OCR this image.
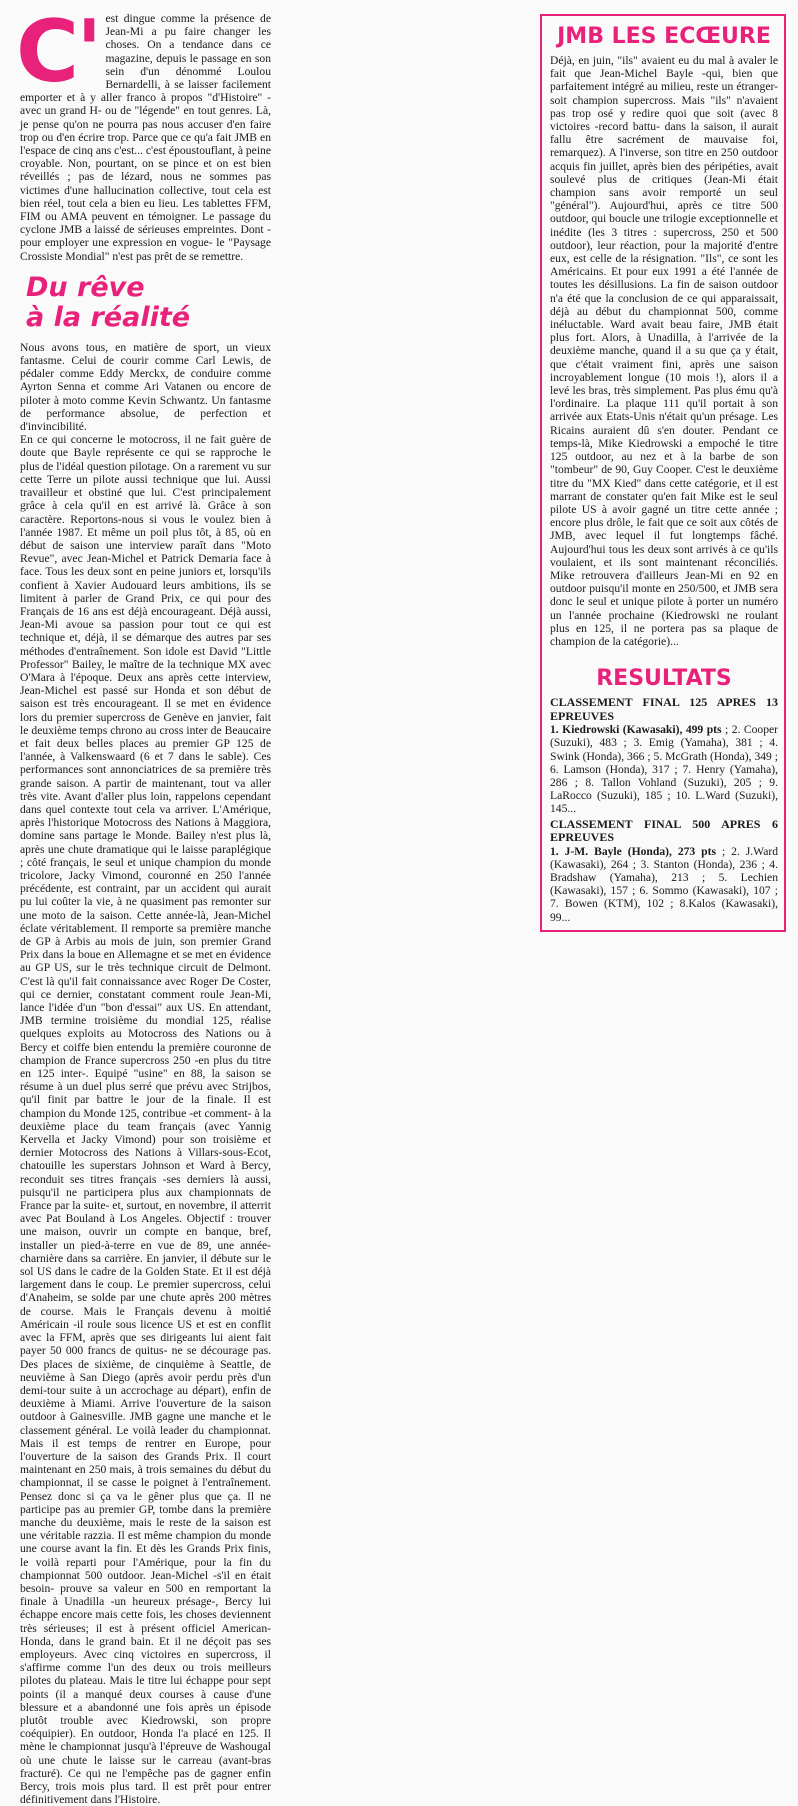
C' est dingue comme la présence de Jean-Mi a pu faire changer les choses. On a tendance dans ce magazine, depuis le passage en son sein d'un dénommé Loulou Bernardelli, à se laisser facilement emporter et à y aller franco à propos "d'Histoire" -avec un grand H- ou de "légende" en tout genres. Là, je pense qu'on ne pourra pas nous accuser d'en faire trop ou d'en écrire trop. Parce que ce qu'a fait JMB en l'espace de cinq ans c'est... c'est époustouflant, à peine croyable. Non, pourtant, on se pince et on est bien réveillés ; pas de lézard, nous ne sommes pas victimes d'une hallucination collective, tout cela est bien réel, tout cela a bien eu lieu. Les tablettes FFM, FIM ou AMA peuvent en témoigner. Le passage du cyclone JMB a laissé de sérieuses empreintes. Dont -pour employer une expression en vogue- le "Paysage Crossiste Mondial" n'est pas prêt de se remettre.

Du rêve
à la réalité

Nous avons tous, en matière de sport, un vieux fantasme. Celui de courir comme Carl Lewis, de pédaler comme Eddy Merckx, de conduire comme Ayrton Senna et comme Ari Vatanen ou encore de piloter à moto comme Kevin Schwantz. Un fantasme de performance absolue, de perfection et d'invincibilité.

En ce qui concerne le motocross, il ne fait guère de doute que Bayle représente ce qui se rapproche le plus de l'idéal question pilotage. On a rarement vu sur cette Terre un pilote aussi technique que lui. Aussi travailleur et obstiné que lui. C'est principalement grâce à cela qu'il en est arrivé là. Grâce à son caractère. Reportons-nous si vous le voulez bien à l'année 1987. Et même un poil plus tôt, à 85, où en début de saison une interview paraît dans "Moto Revue", avec Jean-Michel et Patrick Demaria face à face. Tous les deux sont en peine juniors et, lorsqu'ils confient à Xavier Audouard leurs ambitions, ils se limitent à parler de Grand Prix, ce qui pour des Français de 16 ans est déjà encourageant. Déjà aussi, Jean-Mi avoue sa passion pour tout ce qui est technique et, déjà, il se démarque des autres par ses méthodes d'entraînement. Son idole est David "Little Professor" Bailey, le maître de la technique MX avec O'Mara à l'époque. Deux ans après cette interview, Jean-Michel est passé sur Honda et son début de saison est très encourageant. Il se met en évidence lors du premier supercross de Genève en janvier, fait le deuxième temps chrono au cross inter de Beaucaire et fait deux belles places au premier GP 125 de l'année, à Valkenswaard (6 et 7 dans le sable). Ces performances sont annonciatrices de sa première très grande saison. A partir de maintenant, tout va aller très vite. Avant d'aller plus loin, rappelons cependant dans quel contexte tout cela va arriver. L'Amérique, après l'historique Motocross des Nations à Maggiora, domine sans partage le Monde. Bailey n'est plus là, après une chute dramatique qui le laisse paraplégique ; côté français, le seul et unique champion du monde tricolore, Jacky Vimond, couronné en 250 l'année précédente, est contraint, par un accident qui aurait pu lui coûter la vie, à ne quasiment pas remonter sur une moto de la saison. Cette année-là, Jean-Michel éclate véritablement. Il remporte sa première manche de GP à Arbis au mois de juin, son premier Grand Prix dans la boue en Allemagne et se met en évidence au GP US, sur le très technique circuit de Delmont. C'est là qu'il fait connaissance avec Roger De Coster, qui ce dernier, constatant comment roule Jean-Mi, lance l'idée d'un "bon d'essai" aux US. En attendant, JMB termine troisième du mondial 125, réalise quelques exploits au Motocross des Nations ou à Bercy et coiffe bien entendu la première couronne de champion de France supercross 250 -en plus du titre en 125 inter-. Equipé "usine" en 88, la saison se résume à un duel plus serré que prévu avec Strijbos, qu'il finit par battre le jour de la finale. Il est champion du Monde 125, contribue -et comment- à la deuxième place du team français (avec Yannig Kervella et Jacky Vimond) pour son troisième et dernier Motocross des Nations à Villars-sous-Ecot, chatouille les superstars Johnson et Ward à Bercy, reconduit ses titres français -ses derniers là aussi, puisqu'il ne participera plus aux championnats de France par la suite- et, surtout, en novembre, il atterrit avec Pat Bouland à Los Angeles. Objectif : trouver une maison, ouvrir un compte en banque, bref, installer un pied-à-terre en vue de 89, une année-charnière dans sa carrière. En janvier, il débute sur le sol US dans le cadre de la Golden State. Et il est déjà largement dans le coup. Le premier supercross, celui d'Anaheim, se solde par une chute après 200 mètres de course. Mais le Français devenu à moitié Américain -il roule sous licence US et est en conflit avec la FFM, après que ses dirigeants lui aient fait payer 50 000 francs de quitus- ne se décourage pas. Des places de sixième, de cinquième à Seattle, de neuvième à San Diego (après avoir perdu près d'un demi-tour suite à un accrochage au départ), enfin de deuxième à Miami. Arrive l'ouverture de la saison outdoor à Gainesville. JMB gagne une manche et le classement général. Le voilà leader du championnat. Mais il est temps de rentrer en Europe, pour l'ouverture de la saison des Grands Prix. Il court maintenant en 250 mais, à trois semaines du début du championnat, il se casse le poignet à l'entraînement. Pensez donc si ça va le gêner plus que ça. Il ne participe pas au premier GP, tombe dans la première manche du deuxième, mais le reste de la saison est une véritable razzia. Il est même champion du monde une course avant la fin. Et dès les Grands Prix finis, le voilà reparti pour l'Amérique, pour la fin du championnat 500 outdoor. Jean-Michel -s'il en était besoin- prouve sa valeur en 500 en remportant la finale à Unadilla -un heureux présage-, Bercy lui échappe encore mais cette fois, les choses deviennent très sérieuses; il est à présent officiel American-Honda, dans le grand bain. Et il ne déçoit pas ses employeurs. Avec cinq victoires en supercross, il s'affirme comme l'un des deux ou trois meilleurs pilotes du plateau. Mais le titre lui échappe pour sept points (il a manqué deux courses à cause d'une blessure et a abandonné une fois après un épisode plutôt trouble avec Kiedrowski, son propre coéquipier). En outdoor, Honda l'a placé en 125. Il mène le championnat jusqu'à l'épreuve de Washougal où une chute le laisse sur le carreau (avant-bras fracturé). Ce qui ne l'empêche pas de gagner enfin Bercy, trois mois plus tard. Il est prêt pour entrer définitivement dans l'Histoire.

JMB LES ECŒURE
Déjà, en juin, "ils" avaient eu du mal à avaler le fait que Jean-Michel Bayle -qui, bien que parfaitement intégré au milieu, reste un étranger- soit champion supercross. Mais "ils" n'avaient pas trop osé y redire quoi que soit (avec 8 victoires -record battu- dans la saison, il aurait fallu être sacrément de mauvaise foi, remarquez). A l'inverse, son titre en 250 outdoor acquis fin juillet, après bien des péripéties, avait soulevé plus de critiques (Jean-Mi était champion sans avoir remporté un seul "général"). Aujourd'hui, après ce titre 500 outdoor, qui boucle une trilogie exceptionnelle et inédite (les 3 titres : supercross, 250 et 500 outdoor), leur réaction, pour la majorité d'entre eux, est celle de la résignation. "Ils", ce sont les Américains. Et pour eux 1991 a été l'année de toutes les désillusions. La fin de saison outdoor n'a été que la conclusion de ce qui apparaissait, déjà au début du championnat 500, comme inéluctable. Ward avait beau faire, JMB était plus fort. Alors, à Unadilla, à l'arrivée de la deuxième manche, quand il a su que ça y était, que c'était vraiment fini, après une saison incroyablement longue (10 mois !), alors il a levé les bras, très simplement. Pas plus ému qu'à l'ordinaire. La plaque 111 qu'il portait à son arrivée aux Etats-Unis n'était qu'un présage. Les Ricains auraient dû s'en douter. Pendant ce temps-là, Mike Kiedrowski a empoché le titre 125 outdoor, au nez et à la barbe de son "tombeur" de 90, Guy Cooper. C'est le deuxième titre du "MX Kied" dans cette catégorie, et il est marrant de constater qu'en fait Mike est le seul pilote US à avoir gagné un titre cette année ; encore plus drôle, le fait que ce soit aux côtés de JMB, avec lequel il fut longtemps fâché. Aujourd'hui tous les deux sont arrivés à ce qu'ils voulaient, et ils sont maintenant réconciliés. Mike retrouvera d'ailleurs Jean-Mi en 92 en outdoor puisqu'il monte en 250/500, et JMB sera donc le seul et unique pilote à porter un numéro un l'année prochaine (Kiedrowski ne roulant plus en 125, il ne portera pas sa plaque de champion de la catégorie)...
RESULTATS
CLASSEMENT FINAL 125 APRES 13 EPREUVES
1. Kiedrowski (Kawasaki), 499 pts ; 2. Cooper (Suzuki), 483 ; 3. Emig (Yamaha), 381 ; 4. Swink (Honda), 366 ; 5. McGrath (Honda), 349 ; 6. Lamson (Honda), 317 ; 7. Henry (Yamaha), 286 ; 8. Tallon Vohland (Suzuki), 205 ; 9. LaRocco (Suzuki), 185 ; 10. L.Ward (Suzuki), 145...
CLASSEMENT FINAL 500 APRES 6 EPREUVES
1. J-M. Bayle (Honda), 273 pts ; 2. J.Ward (Kawasaki), 264 ; 3. Stanton (Honda), 236 ; 4. Bradshaw (Yamaha), 213 ; 5. Lechien (Kawasaki), 157 ; 6. Sommo (Kawasaki), 107 ; 7. Bowen (KTM), 102 ; 8.Kalos (Kawasaki), 99...
